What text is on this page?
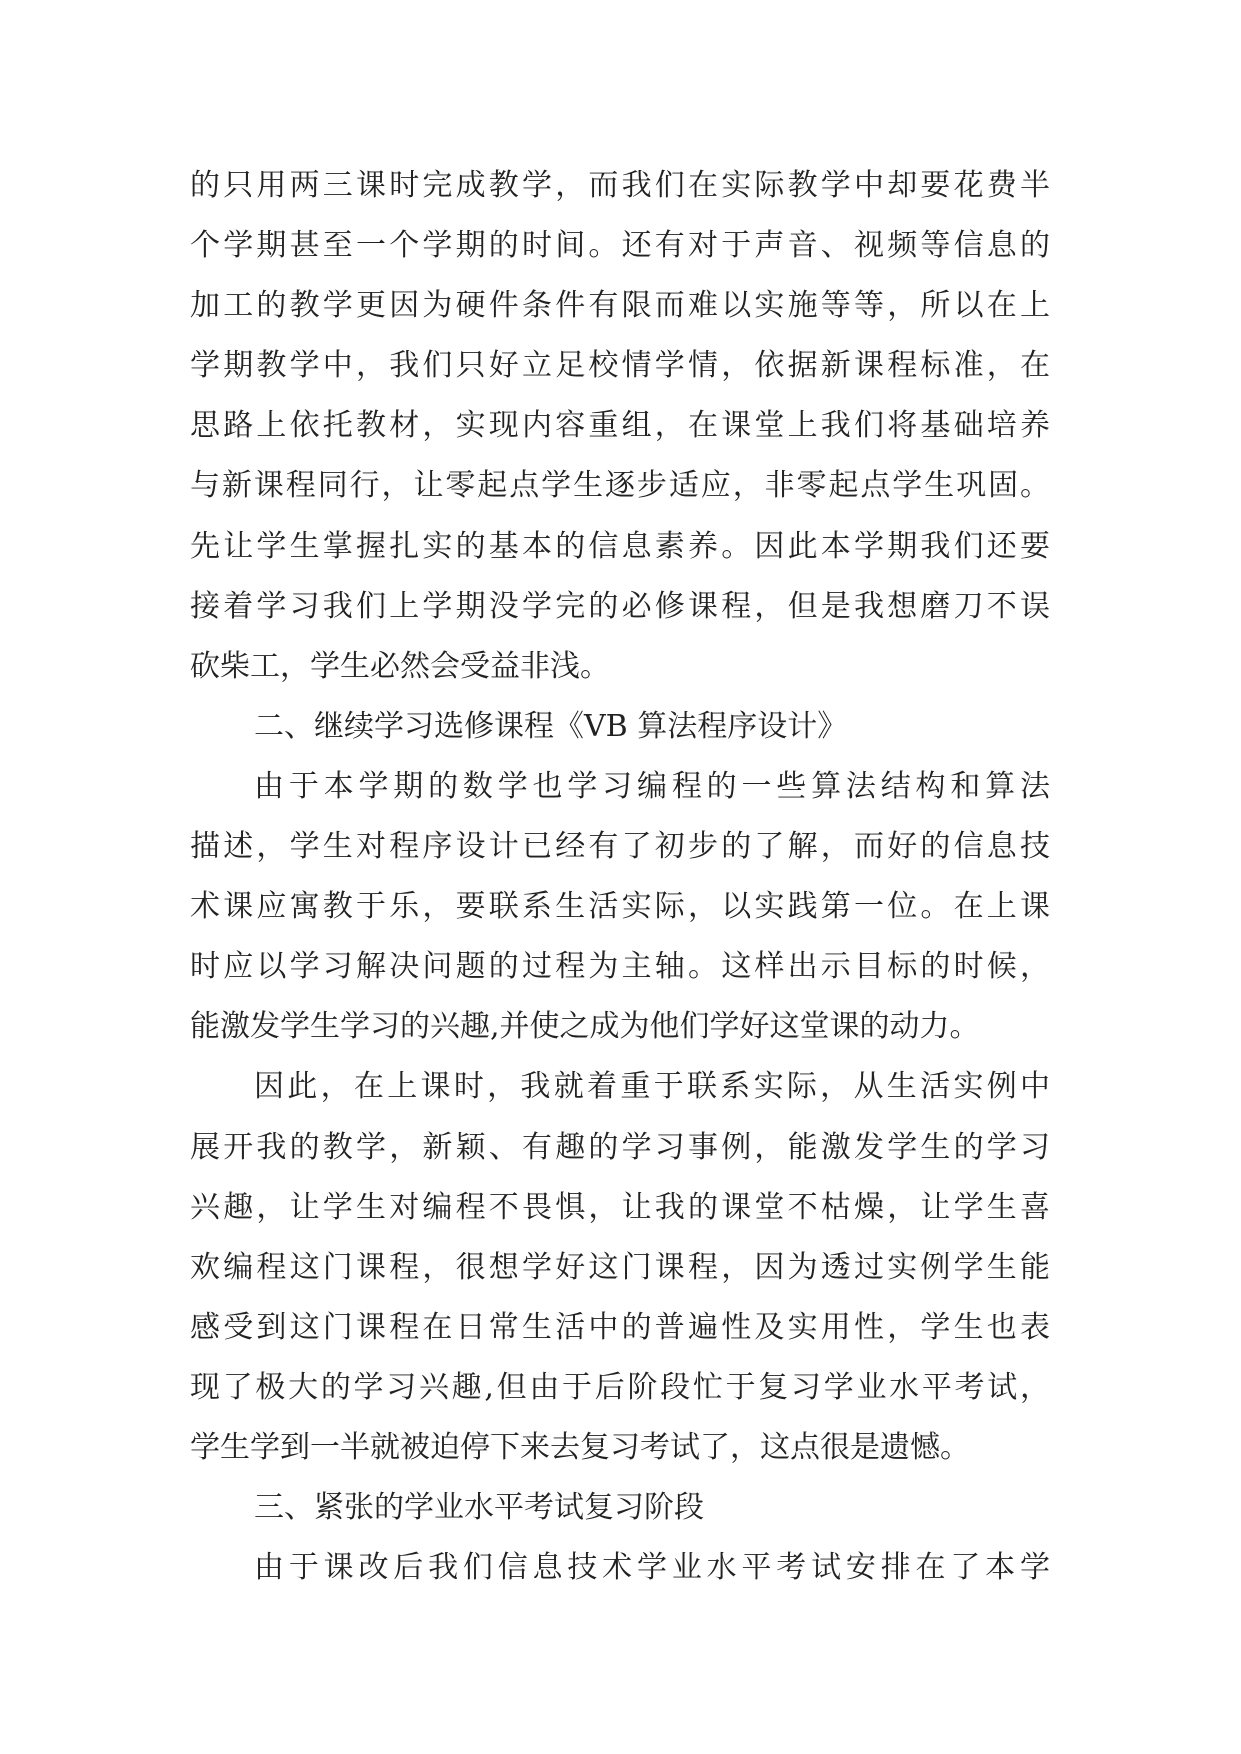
的只用两三课时完成教学，而我们在实际教学中却要花费半
个学期甚至一个学期的时间。还有对于声音、视频等信息的
加工的教学更因为硬件条件有限而难以实施等等，所以在上
学期教学中，我们只好立足校情学情，依据新课程标准，在
思路上依托教材，实现内容重组，在课堂上我们将基础培养
与新课程同行，让零起点学生逐步适应，非零起点学生巩固。
先让学生掌握扎实的基本的信息素养。因此本学期我们还要
接着学习我们上学期没学完的必修课程，但是我想磨刀不误
砍柴工，学生必然会受益非浅。
二、继续学习选修课程《VB 算法程序设计》
由于本学期的数学也学习编程的一些算法结构和算法
描述，学生对程序设计已经有了初步的了解，而好的信息技
术课应寓教于乐，要联系生活实际，以实践第一位。在上课
时应以学习解决问题的过程为主轴。这样出示目标的时候，
能激发学生学习的兴趣,并使之成为他们学好这堂课的动力。
因此，在上课时，我就着重于联系实际，从生活实例中
展开我的教学，新颖、有趣的学习事例，能激发学生的学习
兴趣，让学生对编程不畏惧，让我的课堂不枯燥，让学生喜
欢编程这门课程，很想学好这门课程，因为透过实例学生能
感受到这门课程在日常生活中的普遍性及实用性，学生也表
现了极大的学习兴趣,但由于后阶段忙于复习学业水平考试，
学生学到一半就被迫停下来去复习考试了，这点很是遗憾。
三、紧张的学业水平考试复习阶段
由于课改后我们信息技术学业水平考试安排在了本学
